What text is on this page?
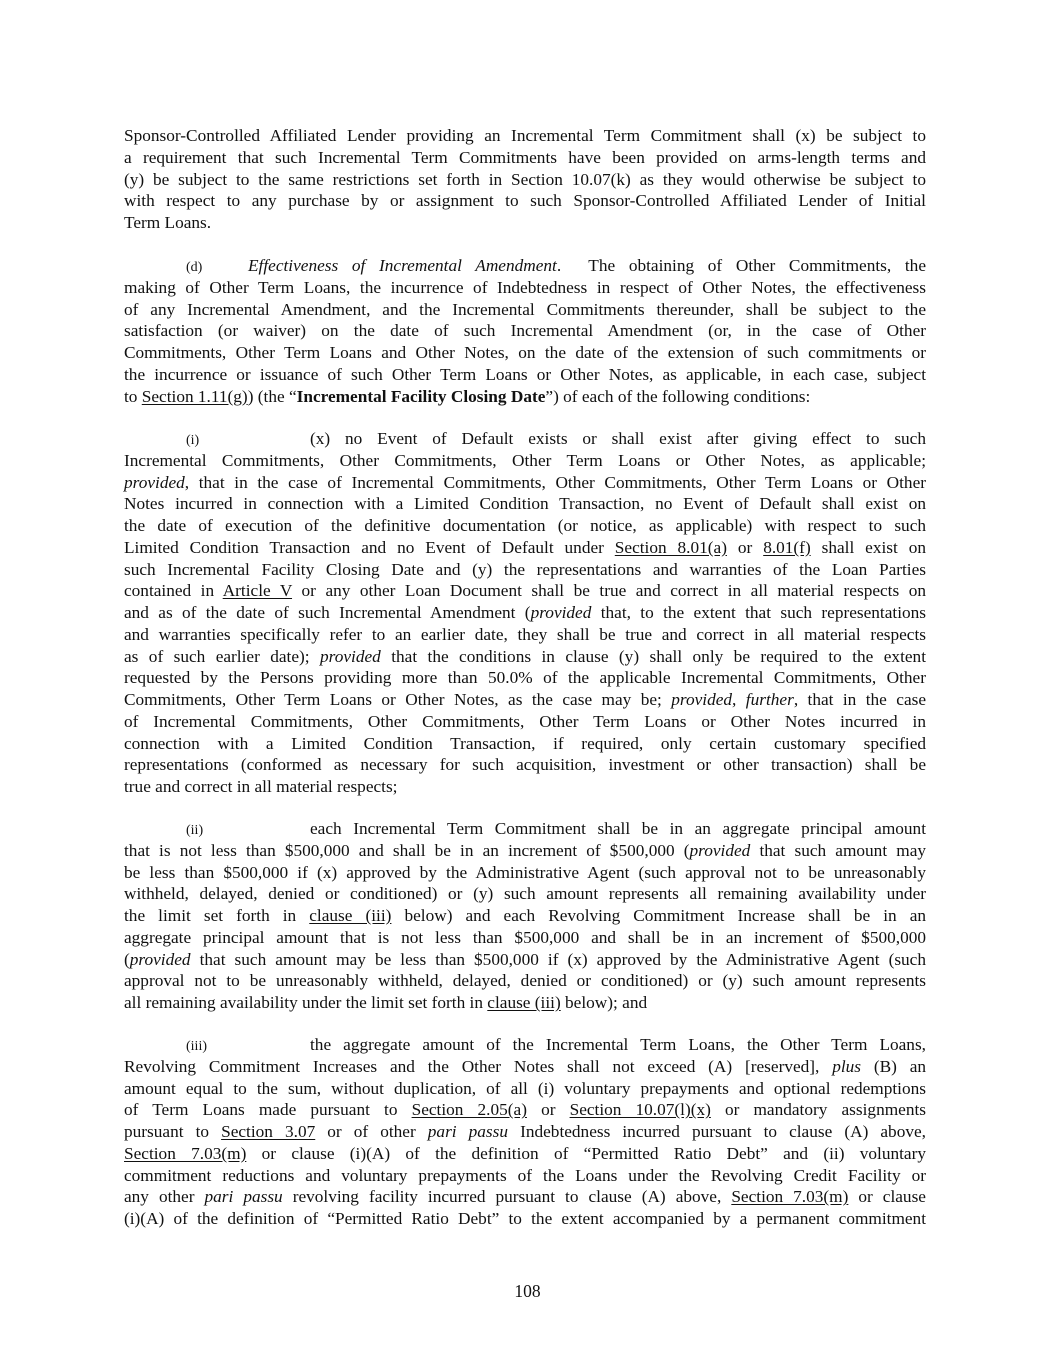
Sponsor-Controlled Affiliated Lender providing an Incremental Term Commitment shall (x) be subject to
a requirement that such Incremental Term Commitments have been provided on arms-length terms and
(y) be subject to the same restrictions set forth in Section 10.07(k) as they would otherwise be subject to
with respect to any purchase by or assignment to such Sponsor-Controlled Affiliated Lender of Initial
Term Loans.
(d)	Effectiveness of Incremental Amendment.  The obtaining of Other Commitments, the
making of Other Term Loans, the incurrence of Indebtedness in respect of Other Notes, the effectiveness
of any Incremental Amendment, and the Incremental Commitments thereunder, shall be subject to the
satisfaction (or waiver) on the date of such Incremental Amendment (or, in the case of Other
Commitments, Other Term Loans and Other Notes, on the date of the extension of such commitments or
the incurrence or issuance of such Other Term Loans or Other Notes, as applicable, in each case, subject
to Section 1.11(g)) (the “Incremental Facility Closing Date”) of each of the following conditions:
(i)	(x) no Event of Default exists or shall exist after giving effect to such
Incremental Commitments, Other Commitments, Other Term Loans or Other Notes, as applicable;
provided, that in the case of Incremental Commitments, Other Commitments, Other Term Loans or Other
Notes incurred in connection with a Limited Condition Transaction, no Event of Default shall exist on
the date of execution of the definitive documentation (or notice, as applicable) with respect to such
Limited Condition Transaction and no Event of Default under Section 8.01(a) or 8.01(f) shall exist on
such Incremental Facility Closing Date and (y) the representations and warranties of the Loan Parties
contained in Article V or any other Loan Document shall be true and correct in all material respects on
and as of the date of such Incremental Amendment (provided that, to the extent that such representations
and warranties specifically refer to an earlier date, they shall be true and correct in all material respects
as of such earlier date); provided that the conditions in clause (y) shall only be required to the extent
requested by the Persons providing more than 50.0% of the applicable Incremental Commitments, Other
Commitments, Other Term Loans or Other Notes, as the case may be; provided, further, that in the case
of Incremental Commitments, Other Commitments, Other Term Loans or Other Notes incurred in
connection with a Limited Condition Transaction, if required, only certain customary specified
representations (conformed as necessary for such acquisition, investment or other transaction) shall be
true and correct in all material respects;
(ii)	each Incremental Term Commitment shall be in an aggregate principal amount
that is not less than $500,000 and shall be in an increment of $500,000 (provided that such amount may
be less than $500,000 if (x) approved by the Administrative Agent (such approval not to be unreasonably
withheld, delayed, denied or conditioned) or (y) such amount represents all remaining availability under
the limit set forth in clause (iii) below) and each Revolving Commitment Increase shall be in an
aggregate principal amount that is not less than $500,000 and shall be in an increment of $500,000
(provided that such amount may be less than $500,000 if (x) approved by the Administrative Agent (such
approval not to be unreasonably withheld, delayed, denied or conditioned) or (y) such amount represents
all remaining availability under the limit set forth in clause (iii) below); and
(iii)	the aggregate amount of the Incremental Term Loans, the Other Term Loans,
Revolving Commitment Increases and the Other Notes shall not exceed (A) [reserved], plus (B) an
amount equal to the sum, without duplication, of all (i) voluntary prepayments and optional redemptions
of Term Loans made pursuant to Section 2.05(a) or Section 10.07(l)(x) or mandatory assignments
pursuant to Section 3.07 or of other pari passu Indebtedness incurred pursuant to clause (A) above,
Section 7.03(m) or clause (i)(A) of the definition of “Permitted Ratio Debt” and (ii) voluntary
commitment reductions and voluntary prepayments of the Loans under the Revolving Credit Facility or
any other pari passu revolving facility incurred pursuant to clause (A) above, Section 7.03(m) or clause
(i)(A) of the definition of “Permitted Ratio Debt” to the extent accompanied by a permanent commitment
108
